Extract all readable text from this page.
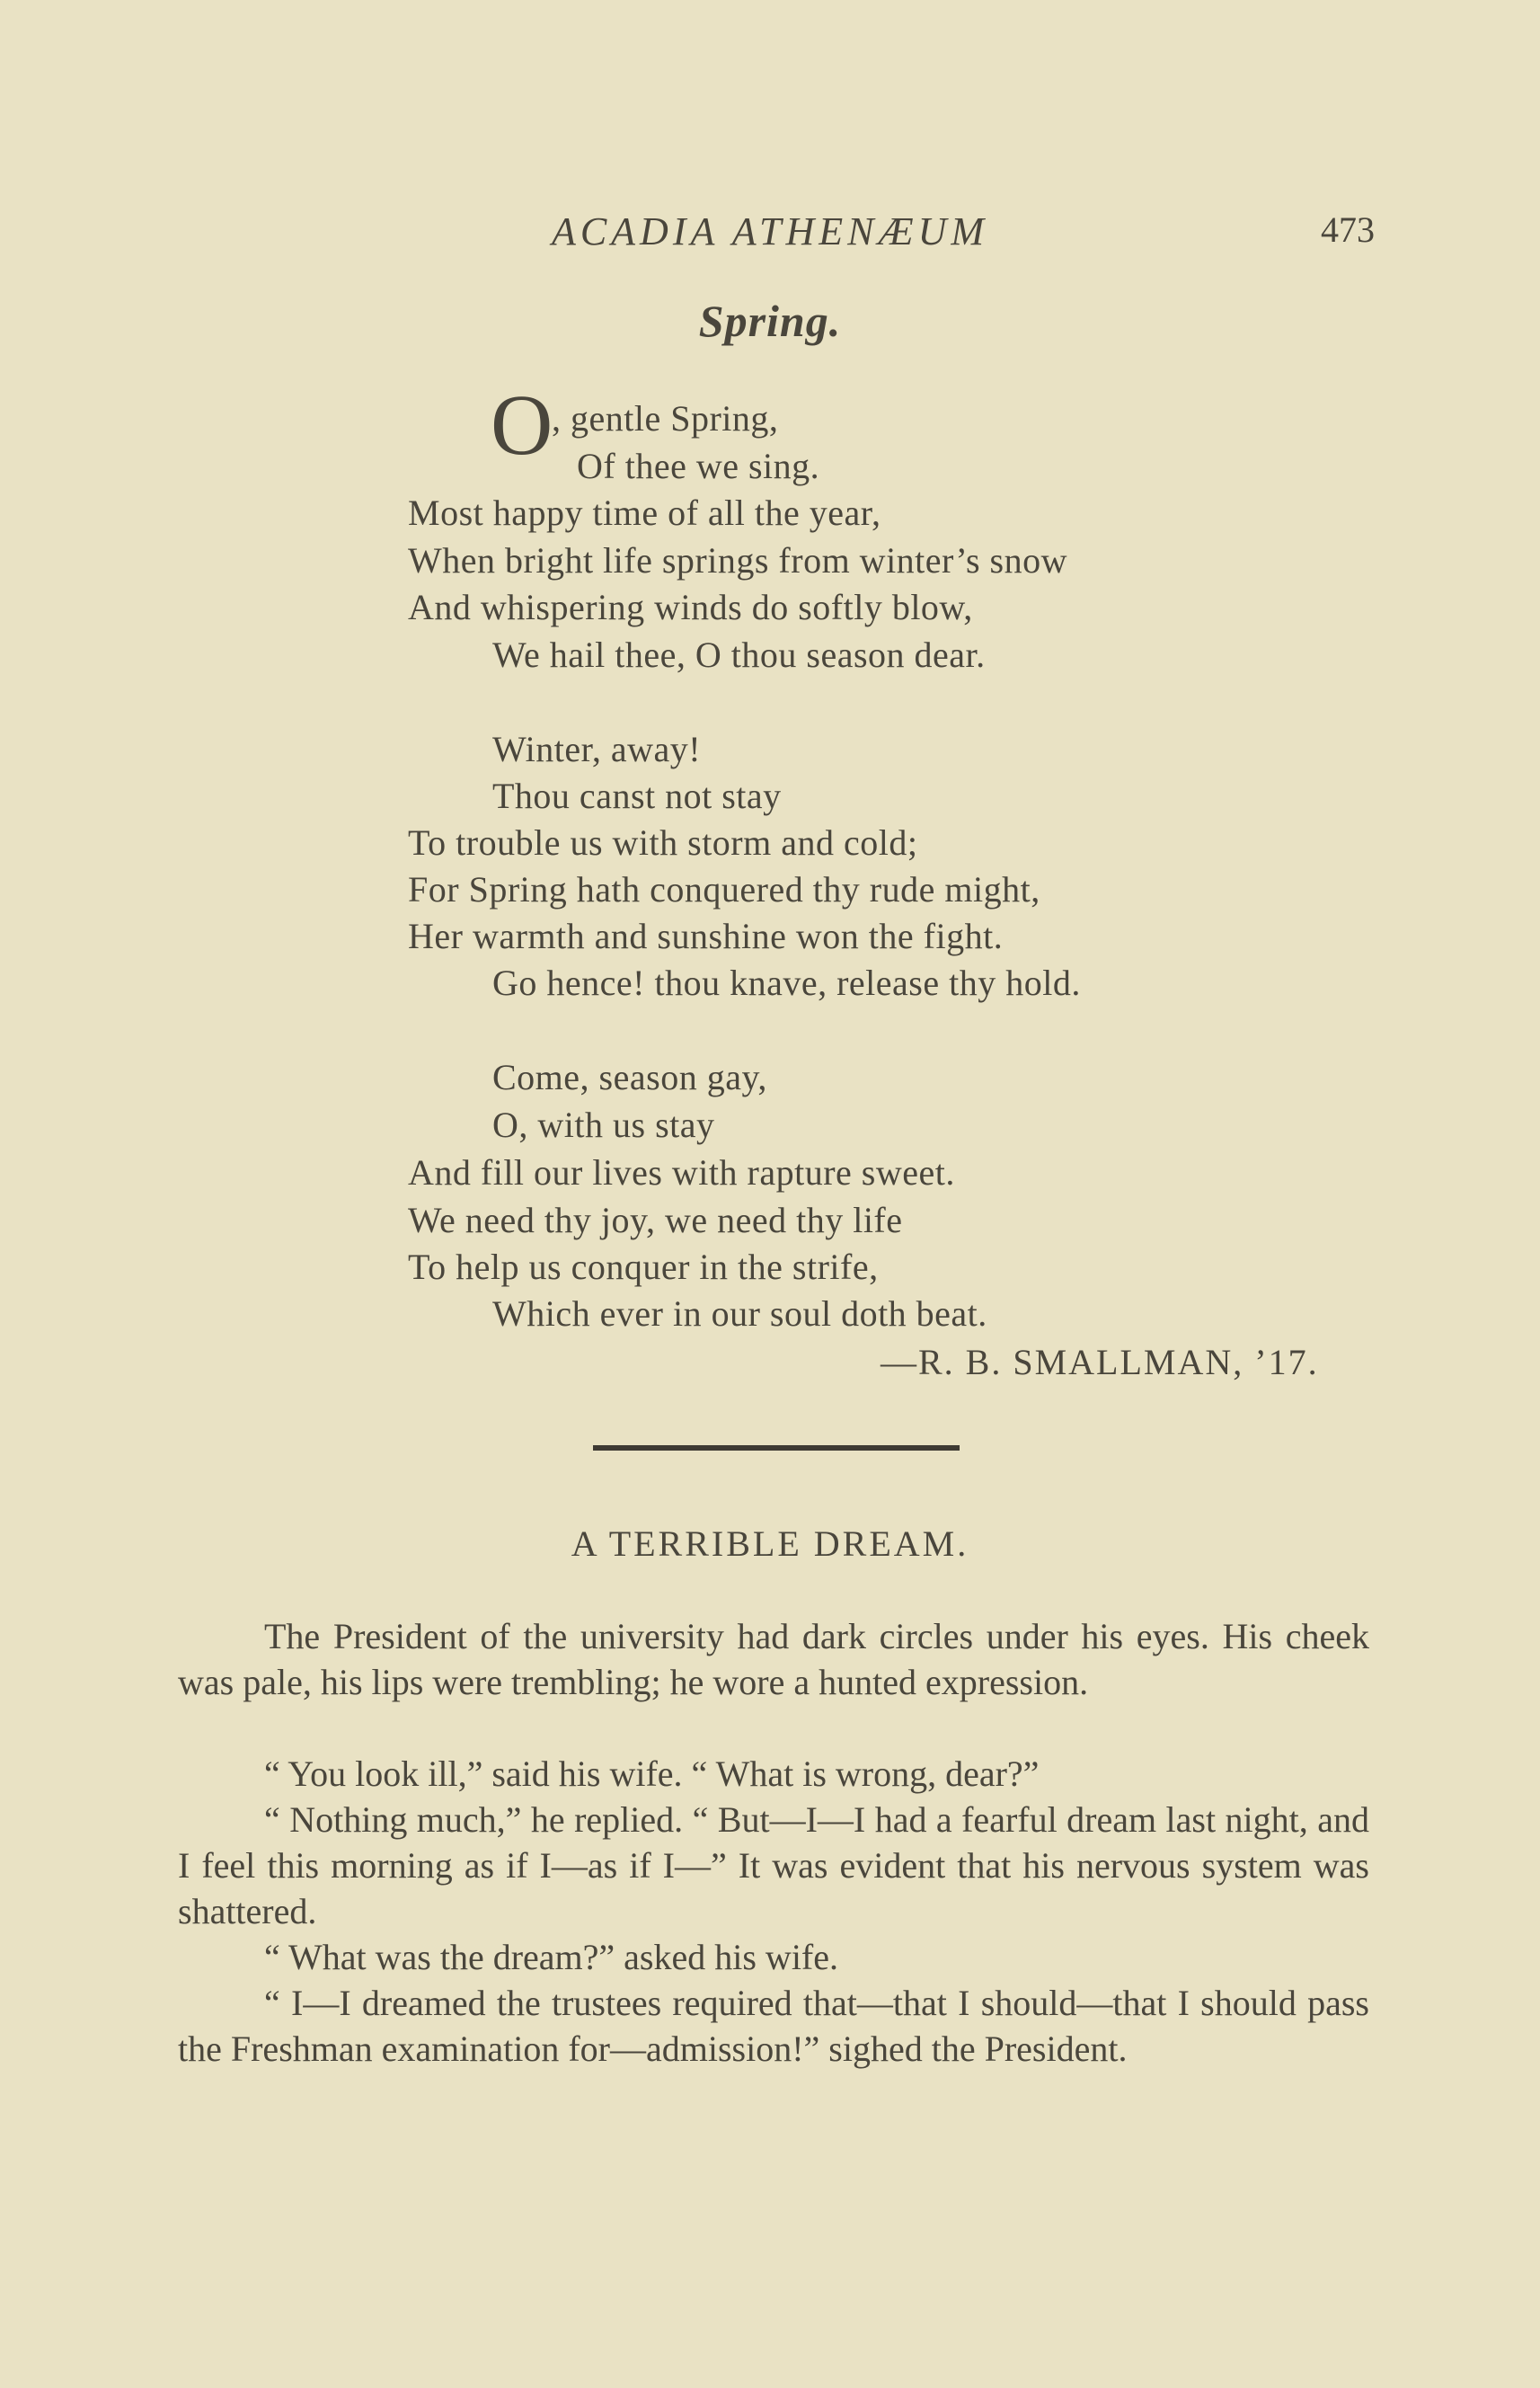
ACADIA ATHENÆUM	473
Spring.
O
, gentle Spring,
Of thee we sing.
Most happy time of all the year,
When bright life springs from winter’s snow
And whispering winds do softly blow,
We hail thee, O thou season dear.
Winter, away!
Thou canst not stay
To trouble us with storm and cold;
For Spring hath conquered thy rude might,
Her warmth and sunshine won the fight.
Go hence! thou knave, release thy hold.
Come, season gay,
O, with us stay
And fill our lives with rapture sweet.
We need thy joy, we need thy life
To help us conquer in the strife,
Which ever in our soul doth beat.
—R. B. SMALLMAN, ’17.
A TERRIBLE DREAM.
The President of the university had dark circles under his eyes. His cheek was pale, his lips were trembling; he wore a hunted expression.
“ You look ill,” said his wife. “ What is wrong, dear?”
“ Nothing much,” he replied. “ But—I—I had a fearful dream last night, and I feel this morning as if I—as if I—” It was evident that his nervous system was shattered.
“ What was the dream?” asked his wife.
“ I—I dreamed the trustees required that—that I should—that I should pass the Freshman examination for—admission!” sighed the President.
